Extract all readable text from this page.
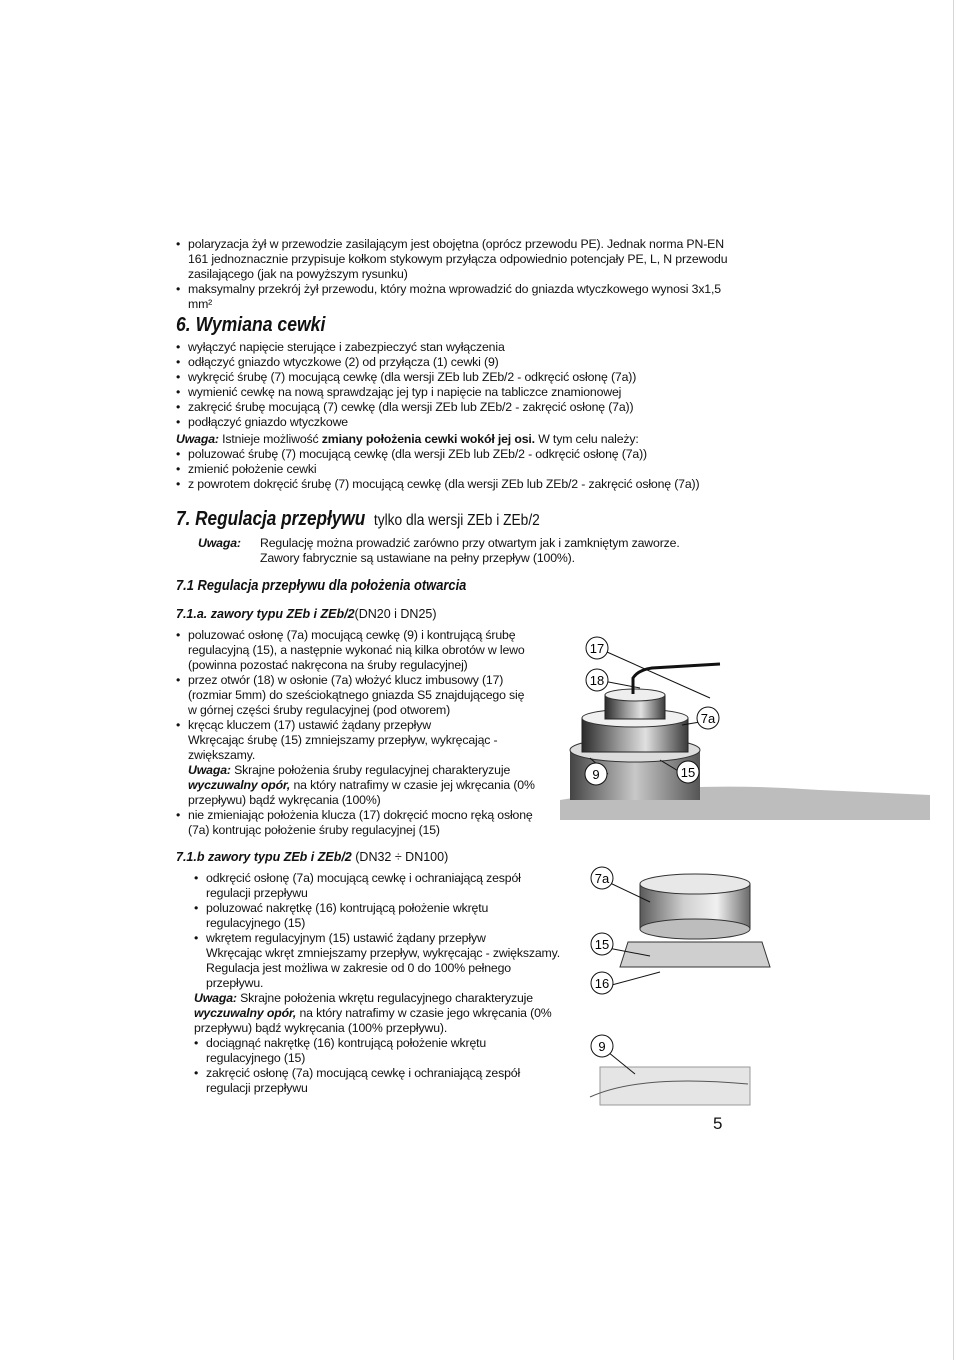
• polaryzacja żył w przewodzie zasilającym jest obojętna (oprócz przewodu PE). Jednak norma PN-EN 161 jednoznacznie przypisuje kołkom stykowym przyłącza odpowiednio potencjały PE, L, N przewodu zasilającego (jak na powyższym rysunku)
• maksymalny przekrój żył przewodu, który można wprowadzić do gniazda wtyczkowego wynosi 3x1,5 mm²
6. Wymiana cewki
• wyłączyć napięcie sterujące i zabezpieczyć stan wyłączenia
• odłączyć gniazdo wtyczkowe (2) od przyłącza (1) cewki (9)
• wykręcić śrubę (7) mocującą cewkę (dla wersji ZEb lub ZEb/2 - odkręcić osłonę (7a))
• wymienić cewkę na nową sprawdzając jej typ i napięcie na tabliczce znamionowej
• zakręcić śrubę mocującą (7) cewkę (dla wersji ZEb lub ZEb/2 - zakręcić osłonę (7a))
• podłączyć gniazdo wtyczkowe
Uwaga: Istnieje możliwość zmiany położenia cewki wokół jej osi. W tym celu należy:
• poluzować śrubę (7) mocującą cewkę (dla wersji ZEb lub ZEb/2 - odkręcić osłonę (7a))
• zmienić położenie cewki
• z powrotem dokręcić śrubę (7) mocującą cewkę (dla wersji ZEb lub ZEb/2 - zakręcić osłonę (7a))
7. Regulacja przepływu tylko dla wersji ZEb i ZEb/2
Uwaga:	Regulację można prowadzić zarówno przy otwartym jak i zamkniętym zaworze.
Zawory fabrycznie są ustawiane na pełny przepływ (100%).
7.1 Regulacja przepływu dla położenia otwarcia
7.1.a. zawory typu ZEb i ZEb/2(DN20 i DN25)
• poluzować osłonę (7a) mocującą cewkę (9) i kontrującą śrubę regulacyjną (15), a następnie wykonać nią kilka obrotów w lewo (powinna pozostać nakręcona na śruby regulacyjnej)
• przez otwór (18) w osłonie (7a) włożyć klucz imbusowy (17) (rozmiar 5mm) do sześciokątnego gniazda S5 znajdującego się w górnej części śruby regulacyjnej (pod otworem)
• kręcąc kluczem (17) ustawić żądany przepływ
Wkręcając śrubę (15) zmniejszamy przepływ, wykręcając - zwiększamy.
Uwaga: Skrajne położenia śruby regulacyjnej charakteryzuje wyczuwalny opór, na który natrafimy w czasie jej wkręcania (0% przepływu) bądź wykręcania (100%)
• nie zmieniając położenia klucza (17) dokręcić mocno ręką osłonę (7a) kontrując położenie śruby regulacyjnej (15)
17
18
7a
9	15
7.1.b zawory typu ZEb i ZEb/2 (DN32 ÷ DN100)
• odkręcić osłonę (7a) mocującą cewkę i ochraniającą zespół regulacji przepływu
• poluzować nakrętkę (16) kontrującą położenie wkrętu regulacyjnego (15)
• wkrętem regulacyjnym (15) ustawić żądany przepływ
Wkręcając wkręt zmniejszamy przepływ, wykręcając - zwiększamy. Regulacja jest możliwa w zakresie od 0 do 100% pełnego przepływu.
Uwaga: Skrajne położenia wkrętu regulacyjnego charakteryzuje wyczuwalny opór, na który natrafimy w czasie jego wkręcania (0% przepływu) bądź wykręcania (100% przepływu).
• dociągnąć nakrętkę (16) kontrującą położenie wkrętu regulacyjnego (15)
• zakręcić osłonę (7a) mocującą cewkę i ochraniającą zespół regulacji przepływu
7a
15
16
9
5
